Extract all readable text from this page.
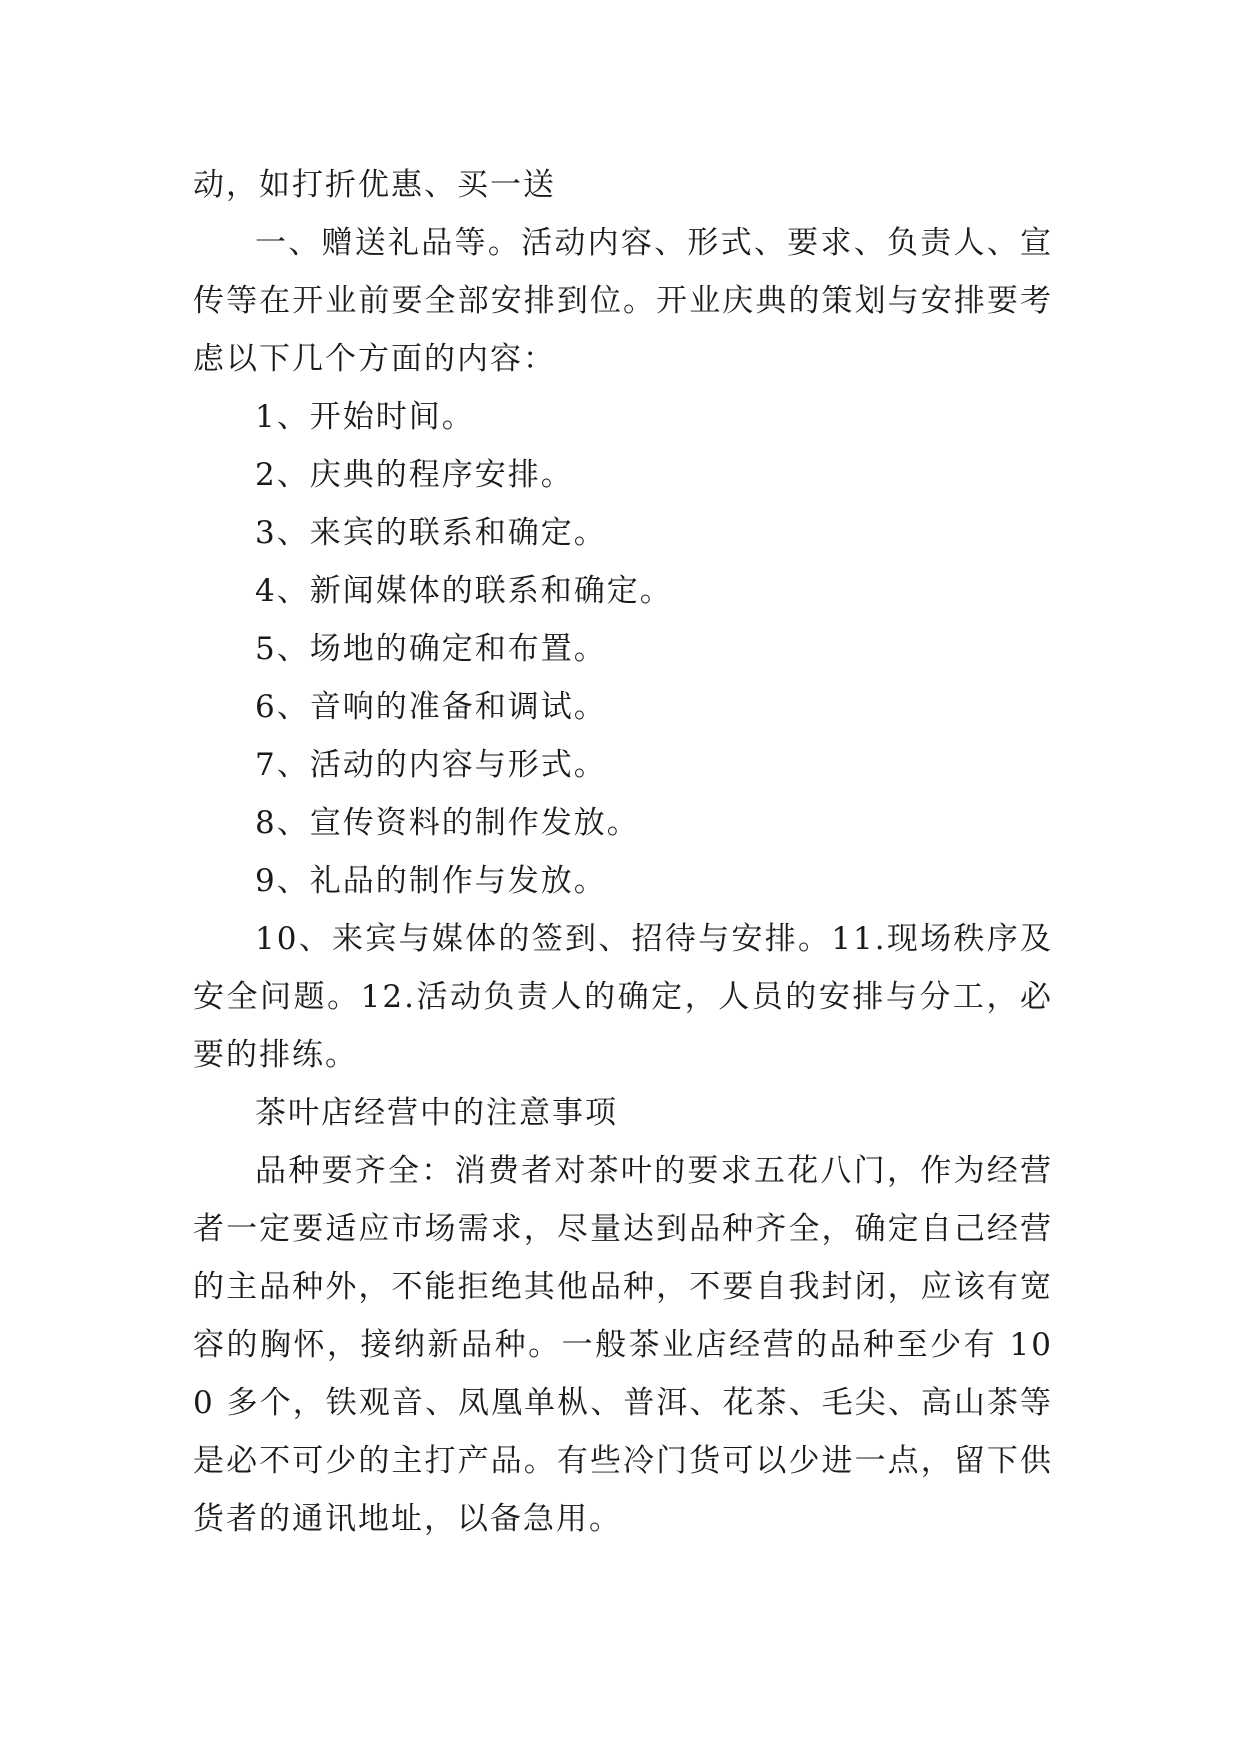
动，如打折优惠、买一送

一、赠送礼品等。活动内容、形式、要求、负责人、宣传等在开业前要全部安排到位。开业庆典的策划与安排要考虑以下几个方面的内容：

1、开始时间。

2、庆典的程序安排。

3、来宾的联系和确定。

4、新闻媒体的联系和确定。

5、场地的确定和布置。

6、音响的准备和调试。

7、活动的内容与形式。

8、宣传资料的制作发放。

9、礼品的制作与发放。

10、来宾与媒体的签到、招待与安排。11.现场秩序及安全问题。12.活动负责人的确定，人员的安排与分工，必要的排练。

茶叶店经营中的注意事项

品种要齐全：消费者对茶叶的要求五花八门，作为经营者一定要适应市场需求，尽量达到品种齐全，确定自己经营的主品种外，不能拒绝其他品种，不要自我封闭，应该有宽容的胸怀，接纳新品种。一般茶业店经营的品种至少有 100 多个，铁观音、凤凰单枞、普洱、花茶、毛尖、高山茶等是必不可少的主打产品。有些冷门货可以少进一点，留下供货者的通讯地址，以备急用。
